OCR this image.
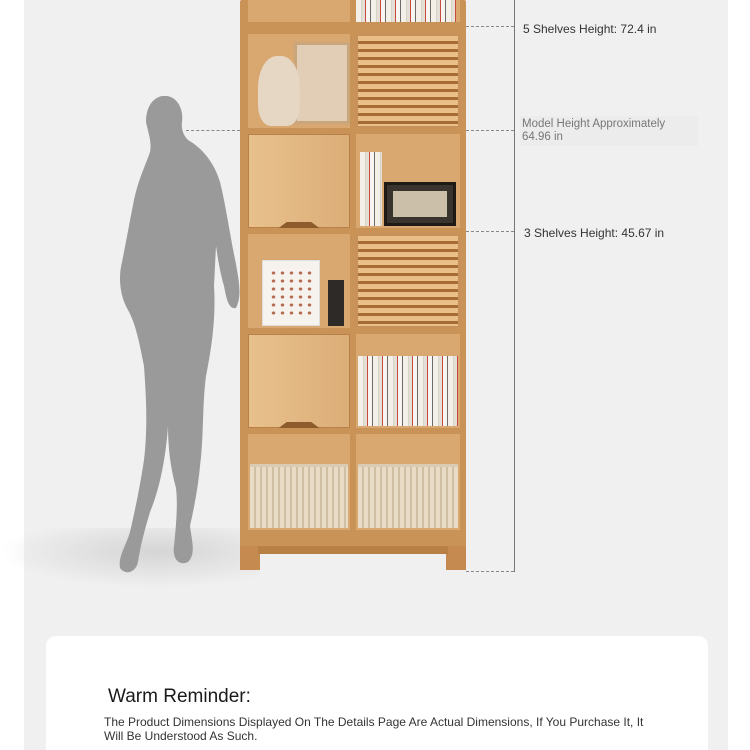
5 Shelves Height: 72.4 in
Model Height Approximately 64.96 in
3 Shelves Height: 45.67 in
Warm Reminder:
The Product Dimensions Displayed On The Details Page Are Actual Dimensions, If You Purchase It, It Will Be Understood As Such.
